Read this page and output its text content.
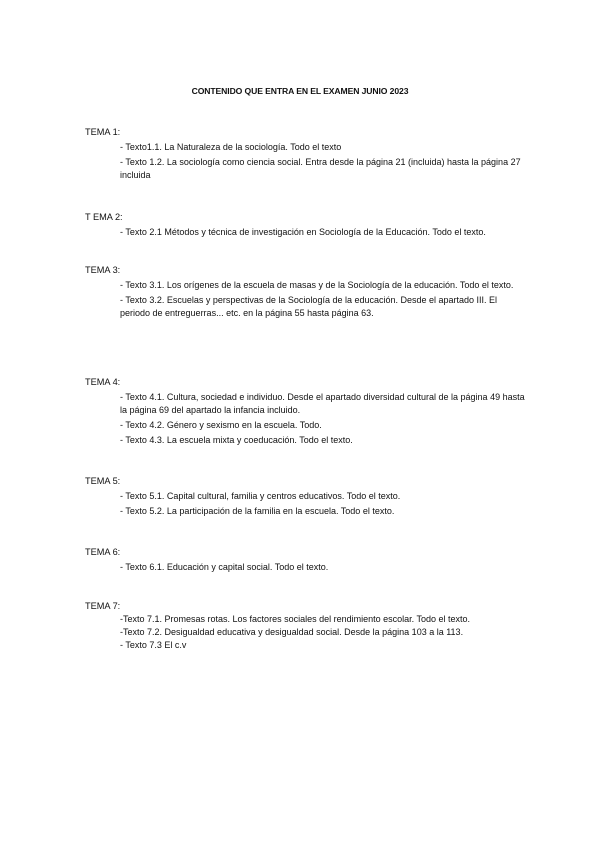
CONTENIDO QUE ENTRA EN EL EXAMEN JUNIO 2023
TEMA 1:
- Texto1.1. La Naturaleza de la sociología. Todo el texto
- Texto 1.2. La sociología como ciencia social. Entra desde la página 21 (incluida) hasta la página 27 incluida
T EMA 2:
- Texto 2.1 Métodos y técnica de investigación en Sociología de la Educación. Todo el texto.
TEMA 3:
- Texto 3.1. Los orígenes de la escuela de masas y de la Sociología de la educación. Todo el texto.
- Texto 3.2. Escuelas y perspectivas de la Sociología de la educación. Desde el apartado III. El periodo de entreguerras... etc. en la página 55 hasta página 63.
TEMA 4:
- Texto 4.1. Cultura, sociedad e individuo. Desde el apartado diversidad cultural de la página 49 hasta la página 69 del apartado la infancia incluido.
- Texto 4.2. Género y sexismo en la escuela. Todo.
- Texto 4.3. La escuela mixta y coeducación. Todo el texto.
TEMA 5:
- Texto 5.1. Capital cultural, familia y centros educativos. Todo el texto.
- Texto 5.2. La participación de la familia en la escuela. Todo el texto.
TEMA 6:
- Texto 6.1. Educación y capital social. Todo el texto.
TEMA 7:
-Texto 7.1. Promesas rotas. Los factores sociales del rendimiento escolar. Todo el texto.
-Texto 7.2. Desigualdad educativa y desigualdad social. Desde la página 103 a la 113.
- Texto 7.3 El c.v
